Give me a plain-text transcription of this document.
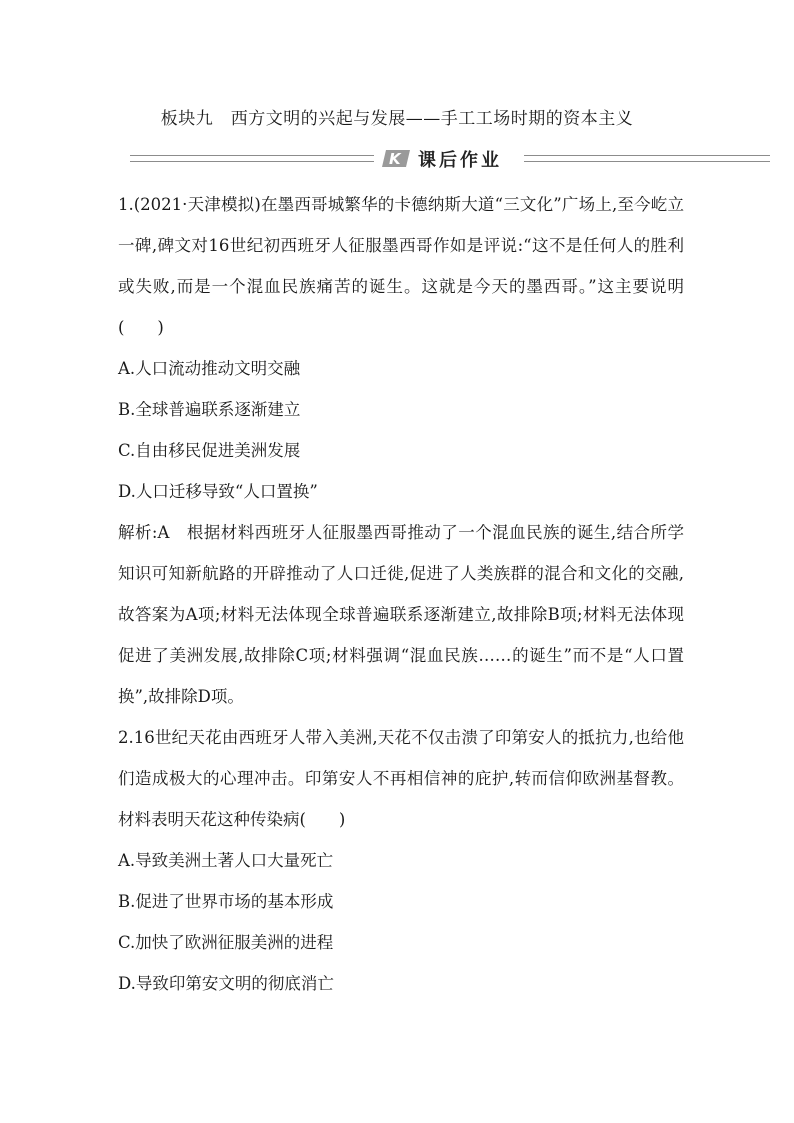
板块九　西方文明的兴起与发展——手工工场时期的资本主义
K 课后作业

1.(2021·天津模拟)在墨西哥城繁华的卡德纳斯大道“三文化”广场上,至今屹立一碑,碑文对16世纪初西班牙人征服墨西哥作如是评说:“这不是任何人的胜利或失败,而是一个混血民族痛苦的诞生。这就是今天的墨西哥。”这主要说明(　　)

A.人口流动推动文明交融
B.全球普遍联系逐渐建立
C.自由移民促进美洲发展
D.人口迁移导致“人口置换”

解析:A　根据材料西班牙人征服墨西哥推动了一个混血民族的诞生,结合所学知识可知新航路的开辟推动了人口迁徙,促进了人类族群的混合和文化的交融,故答案为A项;材料无法体现全球普遍联系逐渐建立,故排除B项;材料无法体现促进了美洲发展,故排除C项;材料强调“混血民族……的诞生”而不是“人口置换”,故排除D项。

2.16世纪天花由西班牙人带入美洲,天花不仅击溃了印第安人的抵抗力,也给他们造成极大的心理冲击。印第安人不再相信神的庇护,转而信仰欧洲基督教。材料表明天花这种传染病(　　)

A.导致美洲土著人口大量死亡
B.促进了世界市场的基本形成
C.加快了欧洲征服美洲的进程
D.导致印第安文明的彻底消亡
